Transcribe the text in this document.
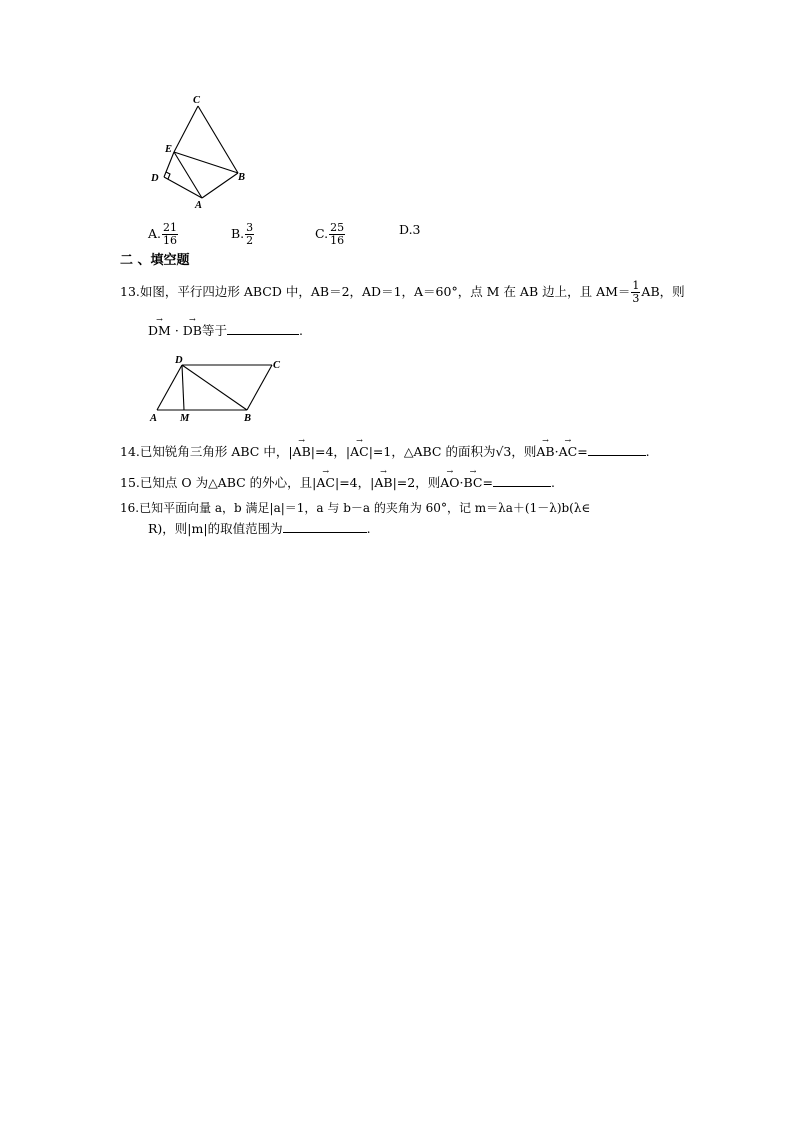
C
E
D	B
A
A. $\frac{21}{16}$	B. $\frac{3}{2}$	C. $\frac{25}{16}$	D.3
二 、填空题
13.如图，平行四边形 ABCD 中，AB＝2，AD＝1，A＝60°，点 M 在 AB 边上，且 $AM= \frac{1}{3}$ AB，则
→
DM ·
→
DB等于	.
D	C
A M	B
14.已知锐角三角形 ABC 中，|
→
AB|=4，|
→
AC|=1，△ABC 的面积为√3，则
→
AB·
→
AC=	.
15.已知点 O 为△ABC 的外心，且|
→
AC|=4，|
→
AB|=2，则
→
AO·
→
BC=	.
16.已知平面向量 a，b 满足|a|＝1，a 与 b－a 的夹角为 60°，记 m＝λa＋(1－λ)b(λ∈
R)，则|m|的取值范围为	.
